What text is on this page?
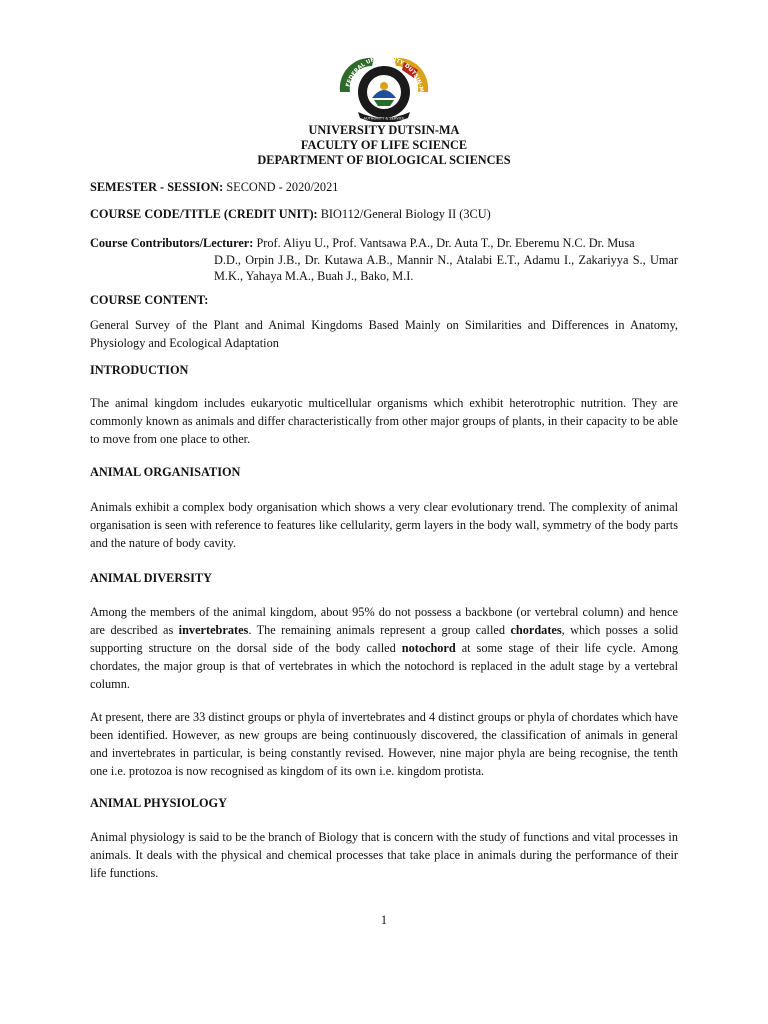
FEDERAL UNIVERSITY DUTSIN-MA
AUTHORITY & SERVICE
UNIVERSITY DUTSIN-MA
FACULTY OF LIFE SCIENCE
DEPARTMENT OF BIOLOGICAL SCIENCES
SEMESTER - SESSION: SECOND - 2020/2021
COURSE CODE/TITLE (CREDIT UNIT): BIO112/General Biology II (3CU)
Course Contributors/Lecturer: Prof. Aliyu U., Prof. Vantsawa P.A., Dr. Auta T., Dr. Eberemu N.C. Dr. Musa
D.D., Orpin J.B., Dr. Kutawa A.B., Mannir N., Atalabi E.T., Adamu I., Zakariyya S., Umar M.K., Yahaya M.A., Buah J., Bako, M.I.
COURSE CONTENT:
General Survey of the Plant and Animal Kingdoms Based Mainly on Similarities and Differences in Anatomy, Physiology and Ecological Adaptation
INTRODUCTION
The animal kingdom includes eukaryotic multicellular organisms which exhibit heterotrophic nutrition. They are commonly known as animals and differ characteristically from other major groups of plants, in their capacity to be able to move from one place to other.
ANIMAL ORGANISATION
Animals exhibit a complex body organisation which shows a very clear evolutionary trend. The complexity of animal organisation is seen with reference to features like cellularity, germ layers in the body wall, symmetry of the body parts and the nature of body cavity.
ANIMAL DIVERSITY
Among the members of the animal kingdom, about 95% do not possess a backbone (or vertebral column) and hence are described as invertebrates. The remaining animals represent a group called chordates, which posses a solid supporting structure on the dorsal side of the body called notochord at some stage of their life cycle. Among chordates, the major group is that of vertebrates in which the notochord is replaced in the adult stage by a vertebral column.
At present, there are 33 distinct groups or phyla of invertebrates and 4 distinct groups or phyla of chordates which have been identified. However, as new groups are being continuously discovered, the classification of animals in general and invertebrates in particular, is being constantly revised. However, nine major phyla are being recognise, the tenth one i.e. protozoa is now recognised as kingdom of its own i.e. kingdom protista.
ANIMAL PHYSIOLOGY
Animal physiology is said to be the branch of Biology that is concern with the study of functions and vital processes in animals. It deals with the physical and chemical processes that take place in animals during the performance of their life functions.
1
